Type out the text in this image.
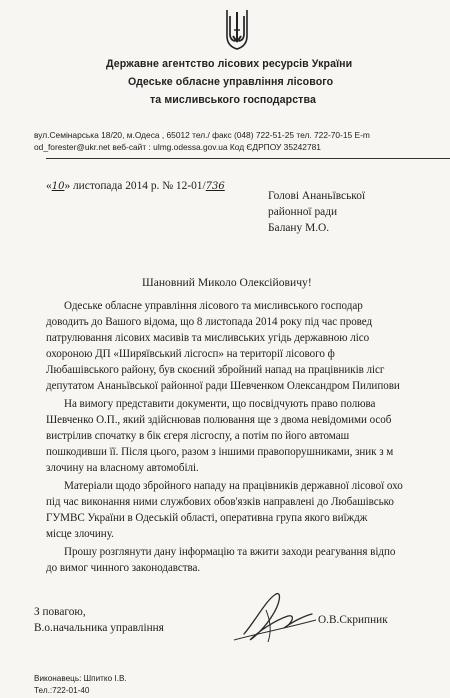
Державне агентство лісових ресурсів України
Одеське обласне управління лісового
та мисливського господарства
вул.Семінарська 18/20, м.Одеса , 65012 тел./ факс (048) 722-51-25 тел. 722-70-15 E-m
od_forester@ukr.net веб-сайт : ulmg.odessa.gov.ua Код ЄДРПОУ 35242781
«10» листопада 2014 р. № 12-01/736
Голові Ананьївської
районної ради
Балану М.О.
Шановний Миколо Олексійовичу!
Одеське обласне управління лісового та мисливського господар
доводить до Вашого відома, що 8 листопада 2014 року під час провед
патрулювання лісових масивів та мисливських угідь державною лісо
охороною ДП «Ширяївський лісгосп» на території лісового ф
Любашівського району, був скоєний збройний напад на працівників лісг
депутатом Ананьївської районної ради Шевченком Олександром Пилипови
На вимогу представити документи, що посвідчують право полюва
Шевченко О.П., який здійснював полювання ще з двома невідомими особ
вистрілив спочатку в бік єгеря лісгоспу, а потім по його автомаш
пошкодивши її. Після цього, разом з іншими правопорушниками, зник з м
злочину на власному автомобілі.
Матеріали щодо збройного нападу на працівників державної лісової охо
під час виконання ними службових обов'язків направлені до Любашівсько
ГУМВС України в Одеській області, оперативна група якого виїждж
місце злочину.
Прошу розглянути дану інформацію та вжити заходи реагування відпо
до вимог чинного законодавства.
З повагою,
В.о.начальника управління
О.В.Скрипник
Виконавець: Шпитко І.В.
Тел.:722-01-40
